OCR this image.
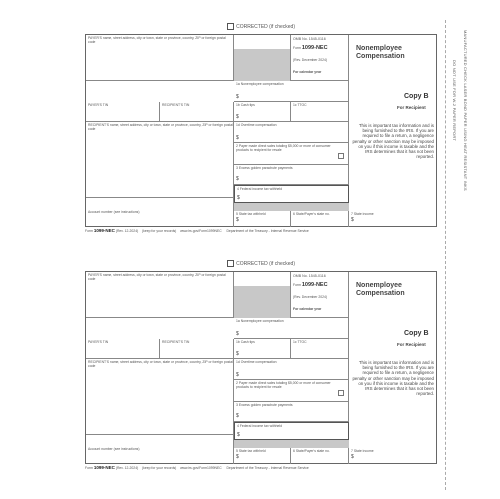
DO NOT USE FOR W-2 PAPER REPORT MANUFACTURED CHECK LASER BOND PAPER USING HEAT RESISTANT INKS
CORRECTED (if checked)
PAYER'S name, street address, city or town, state or province, country, ZIP or foreign postal code
OMB No. 1545-0116
Form 1099-NEC
(Rev. December 2024)
For calendar year
Nonemployee
Compensation
1a Nonemployee compensation
$
PAYER'S TIN	RECIPIENT'S TIN	1b Cash tips
$
1c TTOC
Copy B
For Recipient
RECIPIENT'S name, street address, city or town, state or province, country, ZIP or foreign postal code
1d Overtime compensation
$
2 Payer made direct sales totaling $5,000 or more of consumer products to recipient for resale
3 Excess golden parachute payments
$
4 Federal income tax withheld
$
This is important tax information and is being furnished to the IRS. If you are required to file a return, a negligence penalty or other sanction may be imposed on you if this income is taxable and the IRS determines that it has not been reported.
Account number (see instructions)	5 State tax withheld
$
6 State/Payer's state no.	7 State income
$
Form 1099-NEC (Rev. 12-2024) (keep for your records) www.irs.gov/Form1099NEC Department of the Treasury - Internal Revenue Service
CORRECTED (if checked)
PAYER'S name, street address, city or town, state or province, country, ZIP or foreign postal code
OMB No. 1545-0116
Form 1099-NEC
(Rev. December 2024)
For calendar year
Nonemployee
Compensation
1a Nonemployee compensation
$
PAYER'S TIN	RECIPIENT'S TIN	1b Cash tips
$
1c TTOC
Copy B
For Recipient
RECIPIENT'S name, street address, city or town, state or province, country, ZIP or foreign postal code
1d Overtime compensation
$
2 Payer made direct sales totaling $5,000 or more of consumer products to recipient for resale
3 Excess golden parachute payments
$
4 Federal income tax withheld
$
This is important tax information and is being furnished to the IRS. If you are required to file a return, a negligence penalty or other sanction may be imposed on you if this income is taxable and the IRS determines that it has not been reported.
Account number (see instructions)	5 State tax withheld
$
6 State/Payer's state no.	7 State income
$
Form 1099-NEC (Rev. 12-2024) (keep for your records) www.irs.gov/Form1099NEC Department of the Treasury - Internal Revenue Service
